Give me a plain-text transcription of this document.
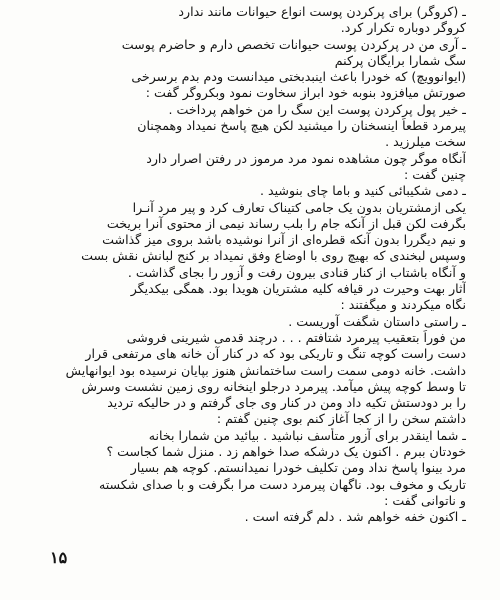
ـ (کروگر) برای پرکردن پوست انواع حیوانات مانند ندارد
کروگر دوباره تکرار کرد.
ـ آری من در پرکردن پوست حیوانات تخصص دارم و حاضرم پوست
سگ شمارا برایگان پرکنم
(ایوانوویچ) که خودرا باعث اینبدبختی میدانست ودم بدم برسرخی
صورتش میافزود بنوبه خود ابراز سخاوت نمود وبکروگر گفت :
ـ خیر پول پرکردن پوست این سگ را من خواهم پرداخت .
پیرمرد قطعاً اینسخنان را میشنید لکن هیچ پاسخ نمیداد وهمچنان
سخت میلرزید .
آنگاه موگر چون مشاهده نمود مرد مرموز در رفتن اصرار دارد
چنین گفت :
ـ دمی شکیبائی کنید و باما چای بنوشید .
یکی ازمشتریان بدون یک جامی کتیناک تعارف کرد و پیر مرد آنـرا
بگرفت لکن قبل از آنکه جام را بلب رساند نیمی از محتوی آنرا بریخت
و نیم دیگررا بدون آنکه قطره‌ای از آنرا نوشیده باشد بروی میز گذاشت
وسپس لبخندی که بهیچ روی با اوضاع وفق نمیداد بر کنج لبانش نقش بست
و آنگاه باشتاب از کنار قنادی بیرون رفت و آزور را بجای گذاشت .
آثار بهت وحیرت در قیافه کلیه مشتریان هویدا بود. همگی بیکدیگر
نگاه میکردند و میگفتند :
ـ راستی داستان شگفت آوریست .
من فوراً بتعقیب پیرمرد شتافتم . . . درچند قدمی شیرینی فروشی
دست راست کوچه تنگ و تاریکی بود که در کنار آن خانه های مرتفعی قرار
داشت. خانه دومی سمت راست ساختمانش هنوز بپایان نرسیده بود ایوانهایش
تا وسط کوچه پیش میآمد. پیرمرد درجلو اینخانه روی زمین نشست وسرش
را بر دودستش تکیه داد ومن در کنار وی جای گرفتم و در حالیکه تردید
داشتم سخن را از کجا آغاز کنم بوی چنین گفتم :
ـ شما اینقدر برای آزور متأسف نباشید . بیائید من شمارا بخانه
خودتان ببرم . اکنون یک درشکه صدا خواهم زد . منزل شما کجاست ؟
مرد بینوا پاسخ نداد ومن تکلیف خودرا نمیدانستم. کوچه هم بسیار
تاریک و مخوف بود. ناگهان پیرمرد دست مرا بگرفت و با صدای شکسته
و ناتوانی گفت :
ـ اکنون خفه خواهم شد . دلم گرفته است .
۱۵
